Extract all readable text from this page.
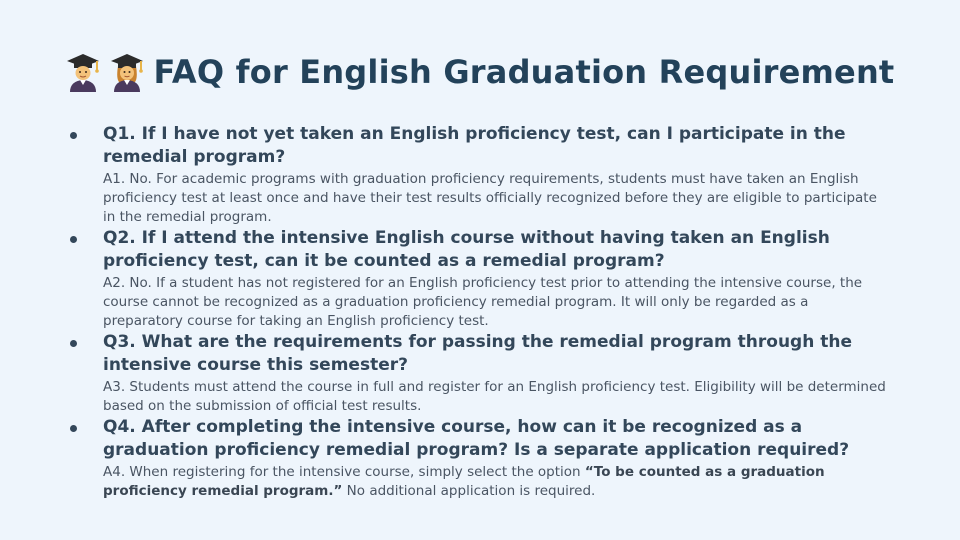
FAQ for English Graduation Requirement
Q1. If I have not yet taken an English proficiency test, can I participate in the remedial program?
A1. No. For academic programs with graduation proficiency requirements, students must have taken an English proficiency test at least once and have their test results officially recognized before they are eligible to participate in the remedial program.
Q2. If I attend the intensive English course without having taken an English proficiency test, can it be counted as a remedial program?
A2. No. If a student has not registered for an English proficiency test prior to attending the intensive course, the course cannot be recognized as a graduation proficiency remedial program. It will only be regarded as a preparatory course for taking an English proficiency test.
Q3. What are the requirements for passing the remedial program through the intensive course this semester?
A3. Students must attend the course in full and register for an English proficiency test. Eligibility will be determined based on the submission of official test results.
Q4. After completing the intensive course, how can it be recognized as a graduation proficiency remedial program? Is a separate application required?
A4. When registering for the intensive course, simply select the option “To be counted as a graduation proficiency remedial program.” No additional application is required.
